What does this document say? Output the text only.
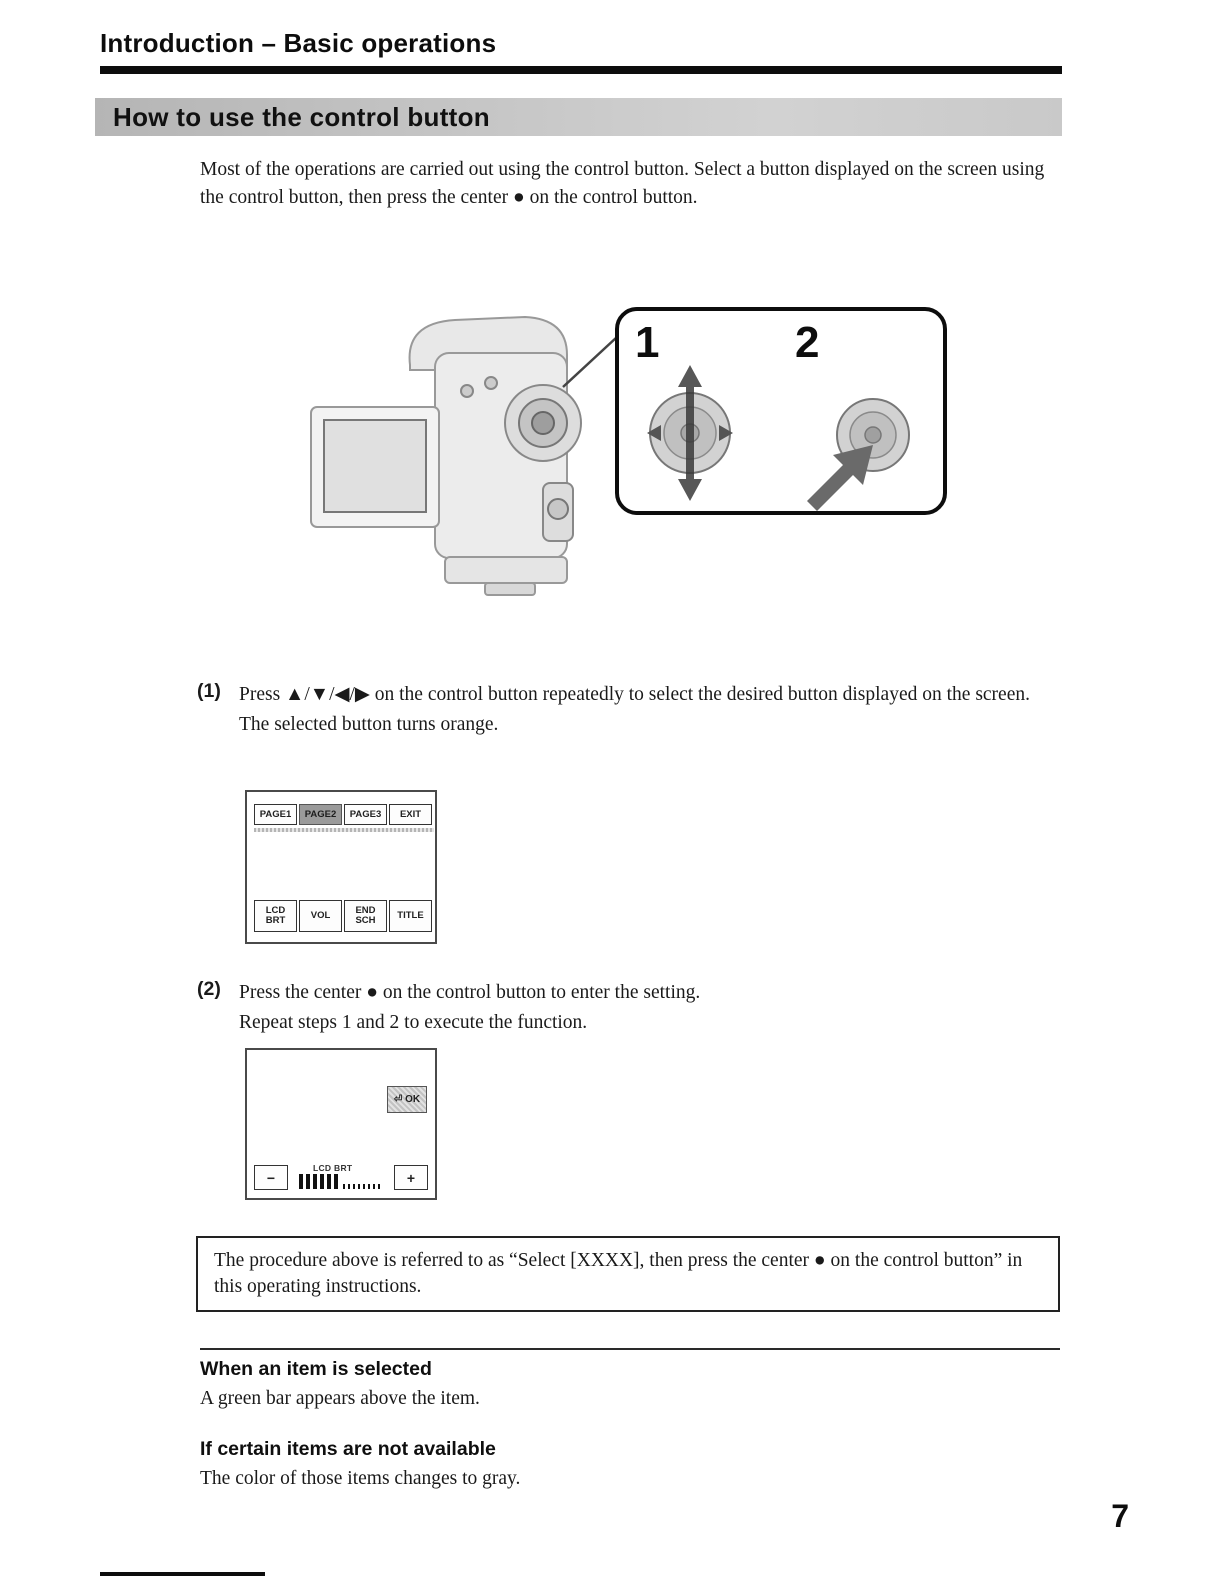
Introduction – Basic operations
How to use the control button
Most of the operations are carried out using the control button. Select a button displayed on the screen using the control button, then press the center ● on the control button.
1	2
(1) Press ▲/▼/◀/▶ on the control button repeatedly to select the desired button displayed on the screen.
The selected button turns orange.
PAGE1	PAGE2	PAGE3	EXIT
LCD BRT	VOL	END SCH	TITLE
(2) Press the center ● on the control button to enter the setting.
Repeat steps 1 and 2 to execute the function.
⏎ OK
−
LCD BRT
+
The procedure above is referred to as “Select [XXXX], then press the center ● on the control button” in this operating instructions.
When an item is selected
A green bar appears above the item.
If certain items are not available
The color of those items changes to gray.
7
